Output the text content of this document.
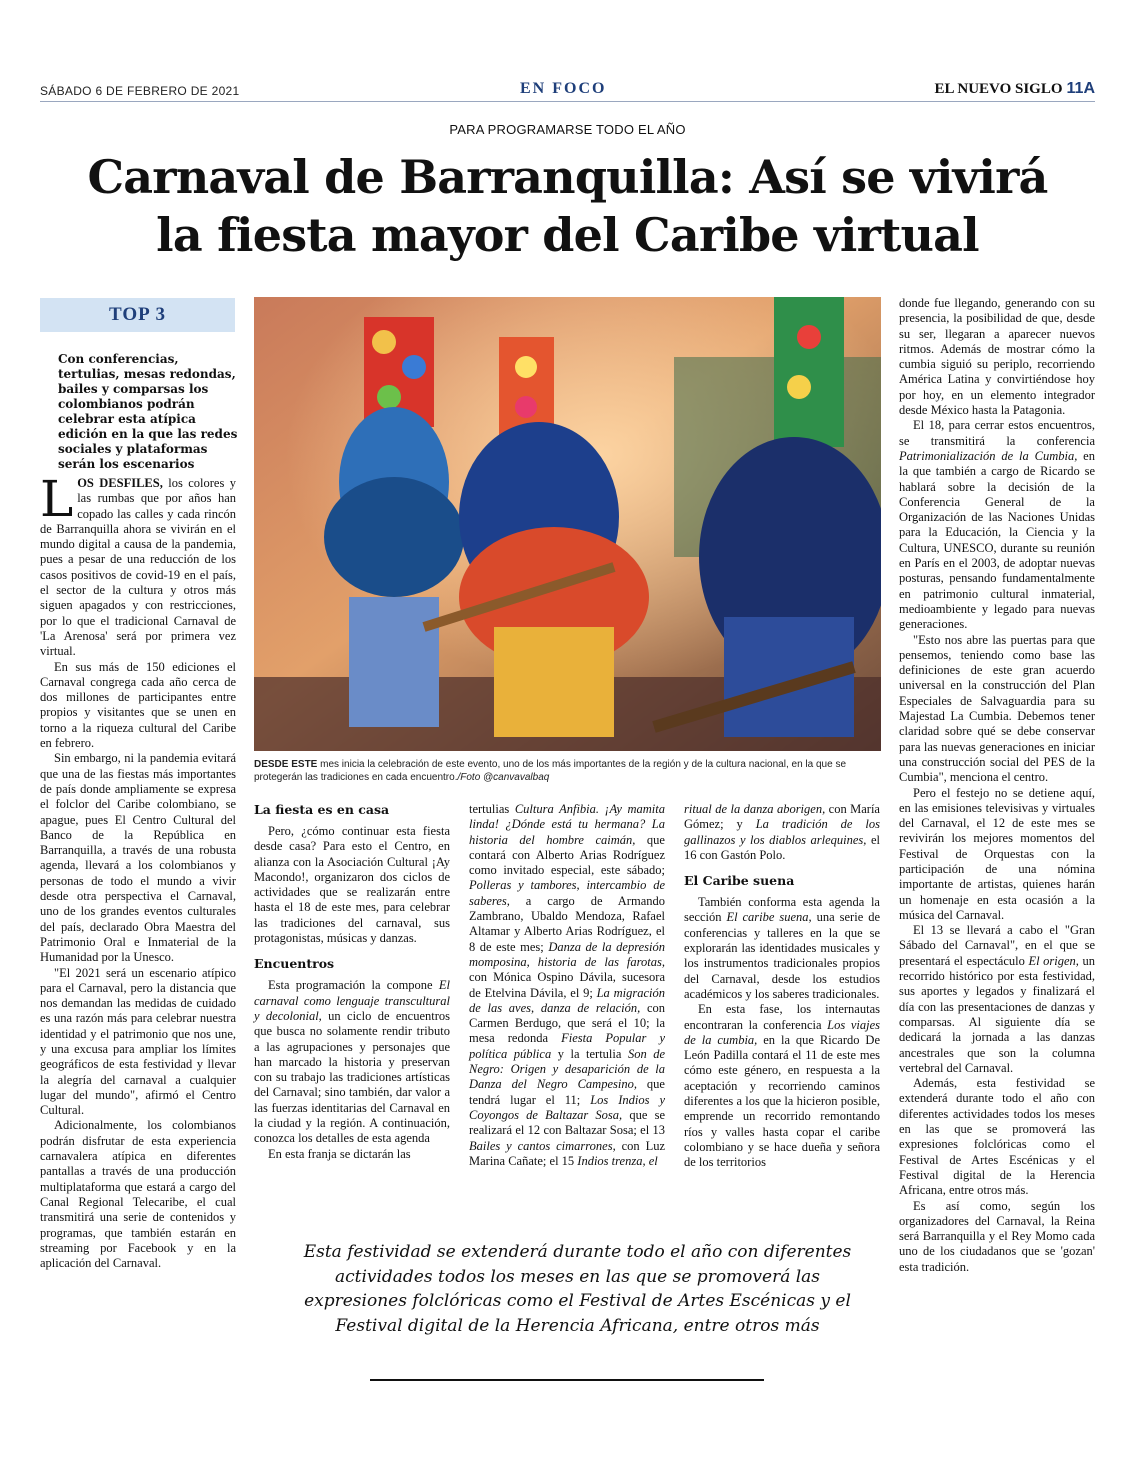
SÁBADO 6 DE FEBRERO DE 2021	EN FOCO	EL NUEVO SIGLO 11A
PARA PROGRAMARSE TODO EL AÑO
Carnaval de Barranquilla: Así se vivirá
la fiesta mayor del Caribe virtual
TOP 3
Con conferencias, tertulias, mesas redondas, bailes y comparsas los colombianos podrán celebrar esta atípica edición en la que las redes sociales y plataformas serán los escenarios

LOS DESFILES, los colores y las rumbas que por años han copado las calles y cada rincón de Barranquilla ahora se vivirán en el mundo digital a causa de la pandemia, pues a pesar de una reducción de los casos positivos de covid-19 en el país, el sector de la cultura y otros más siguen apagados y con restricciones, por lo que el tradicional Carnaval de 'La Arenosa' será por primera vez virtual.

En sus más de 150 ediciones el Carnaval congrega cada año cerca de dos millones de participantes entre propios y visitantes que se unen en torno a la riqueza cultural del Caribe en febrero.

Sin embargo, ni la pandemia evitará que una de las fiestas más importantes de país donde ampliamente se expresa el folclor del Caribe colombiano, se apague, pues El Centro Cultural del Banco de la República en Barranquilla, a través de una robusta agenda, llevará a los colombianos y personas de todo el mundo a vivir desde otra perspectiva el Carnaval, uno de los grandes eventos culturales del país, declarado Obra Maestra del Patrimonio Oral e Inmaterial de la Humanidad por la Unesco.

"El 2021 será un escenario atípico para el Carnaval, pero la distancia que nos demandan las medidas de cuidado es una razón más para celebrar nuestra identidad y el patrimonio que nos une, y una excusa para ampliar los límites geográficos de esta festividad y llevar la alegría del carnaval a cualquier lugar del mundo", afirmó el Centro Cultural.

Adicionalmente, los colombianos podrán disfrutar de esta experiencia carnavalera atípica en diferentes pantallas a través de una producción multiplataforma que estará a cargo del Canal Regional Telecaribe, el cual transmitirá una serie de contenidos y programas, que también estarán en streaming por Facebook y en la aplicación del Carnaval.

DESDE ESTE mes inicia la celebración de este evento, uno de los más importantes de la región y de la cultura nacional, en la que se protegerán las tradiciones en cada encuentro./Foto @canvavalbaq
La fiesta es en casa

Pero, ¿cómo continuar esta fiesta desde casa? Para esto el Centro, en alianza con la Asociación Cultural ¡Ay Macondo!, organizaron dos ciclos de actividades que se realizarán entre hasta el 18 de este mes, para celebrar las tradiciones del carnaval, sus protagonistas, músicas y danzas.

Encuentros

Esta programación la compone El carnaval como lenguaje transcultural y decolonial, un ciclo de encuentros que busca no solamente rendir tributo a las agrupaciones y personajes que han marcado la historia y preservan con su trabajo las tradiciones artísticas del Carnaval; sino también, dar valor a las fuerzas identitarias del Carnaval en la ciudad y la región. A continuación, conozca los detalles de esta agenda

En esta franja se dictarán las

tertulias Cultura Anfibia. ¡Ay mamita linda! ¿Dónde está tu hermana? La historia del hombre caimán, que contará con Alberto Arias Rodríguez como invitado especial, este sábado; Polleras y tambores, intercambio de saberes, a cargo de Armando Zambrano, Ubaldo Mendoza, Rafael Altamar y Alberto Arias Rodríguez, el 8 de este mes; Danza de la depresión momposina, historia de las farotas, con Mónica Ospino Dávila, sucesora de Etelvina Dávila, el 9; La migración de las aves, danza de relación, con Carmen Berdugo, que será el 10; la mesa redonda Fiesta Popular y política pública y la tertulia Son de Negro: Origen y desaparición de la Danza del Negro Campesino, que tendrá lugar el 11; Los Indios y Coyongos de Baltazar Sosa, que se realizará el 12 con Baltazar Sosa; el 13 Bailes y cantos cimarrones, con Luz Marina Cañate; el 15 Indios trenza, el

ritual de la danza aborigen, con María Gómez; y La tradición de los gallinazos y los diablos arlequines, el 16 con Gastón Polo.

El Caribe suena

También conforma esta agenda la sección El caribe suena, una serie de conferencias y talleres en la que se explorarán las identidades musicales y los instrumentos tradicionales propios del Carnaval, desde los estudios académicos y los saberes tradicionales.

En esta fase, los internautas encontraran la conferencia Los viajes de la cumbia, en la que Ricardo De León Padilla contará el 11 de este mes cómo este género, en respuesta a la aceptación y recorriendo caminos diferentes a los que la hicieron posible, emprende un recorrido remontando ríos y valles hasta copar el caribe colombiano y se hace dueña y señora de los territorios

donde fue llegando, generando con su presencia, la posibilidad de que, desde su ser, llegaran a aparecer nuevos ritmos. Además de mostrar cómo la cumbia siguió su periplo, recorriendo América Latina y convirtiéndose hoy por hoy, en un elemento integrador desde México hasta la Patagonia.

El 18, para cerrar estos encuentros, se transmitirá la conferencia Patrimonialización de la Cumbia, en la que también a cargo de Ricardo se hablará sobre la decisión de la Conferencia General de la Organización de las Naciones Unidas para la Educación, la Ciencia y la Cultura, UNESCO, durante su reunión en París en el 2003, de adoptar nuevas posturas, pensando fundamentalmente en patrimonio cultural inmaterial, medioambiente y legado para nuevas generaciones.

"Esto nos abre las puertas para que pensemos, teniendo como base las definiciones de este gran acuerdo universal en la construcción del Plan Especiales de Salvaguardia para su Majestad La Cumbia. Debemos tener claridad sobre qué se debe conservar para las nuevas generaciones en iniciar una construcción social del PES de la Cumbia", menciona el centro.

Pero el festejo no se detiene aquí, en las emisiones televisivas y virtuales del Carnaval, el 12 de este mes se revivirán los mejores momentos del Festival de Orquestas con la participación de una nómina importante de artistas, quienes harán un homenaje en esta ocasión a la música del Carnaval.

El 13 se llevará a cabo el "Gran Sábado del Carnaval", en el que se presentará el espectáculo El origen, un recorrido histórico por esta festividad, sus aportes y legados y finalizará el día con las presentaciones de danzas y comparsas. Al siguiente día se dedicará la jornada a las danzas ancestrales que son la columna vertebral del Carnaval.

Además, esta festividad se extenderá durante todo el año con diferentes actividades todos los meses en las que se promoverá las expresiones folclóricas como el Festival de Artes Escénicas y el Festival digital de la Herencia Africana, entre otros más.

Es así como, según los organizadores del Carnaval, la Reina será Barranquilla y el Rey Momo cada uno de los ciudadanos que se 'gozan' esta tradición.

Esta festividad se extenderá durante todo el año con diferentes actividades todos los meses en las que se promoverá las expresiones folclóricas como el Festival de Artes Escénicas y el Festival digital de la Herencia Africana, entre otros más
